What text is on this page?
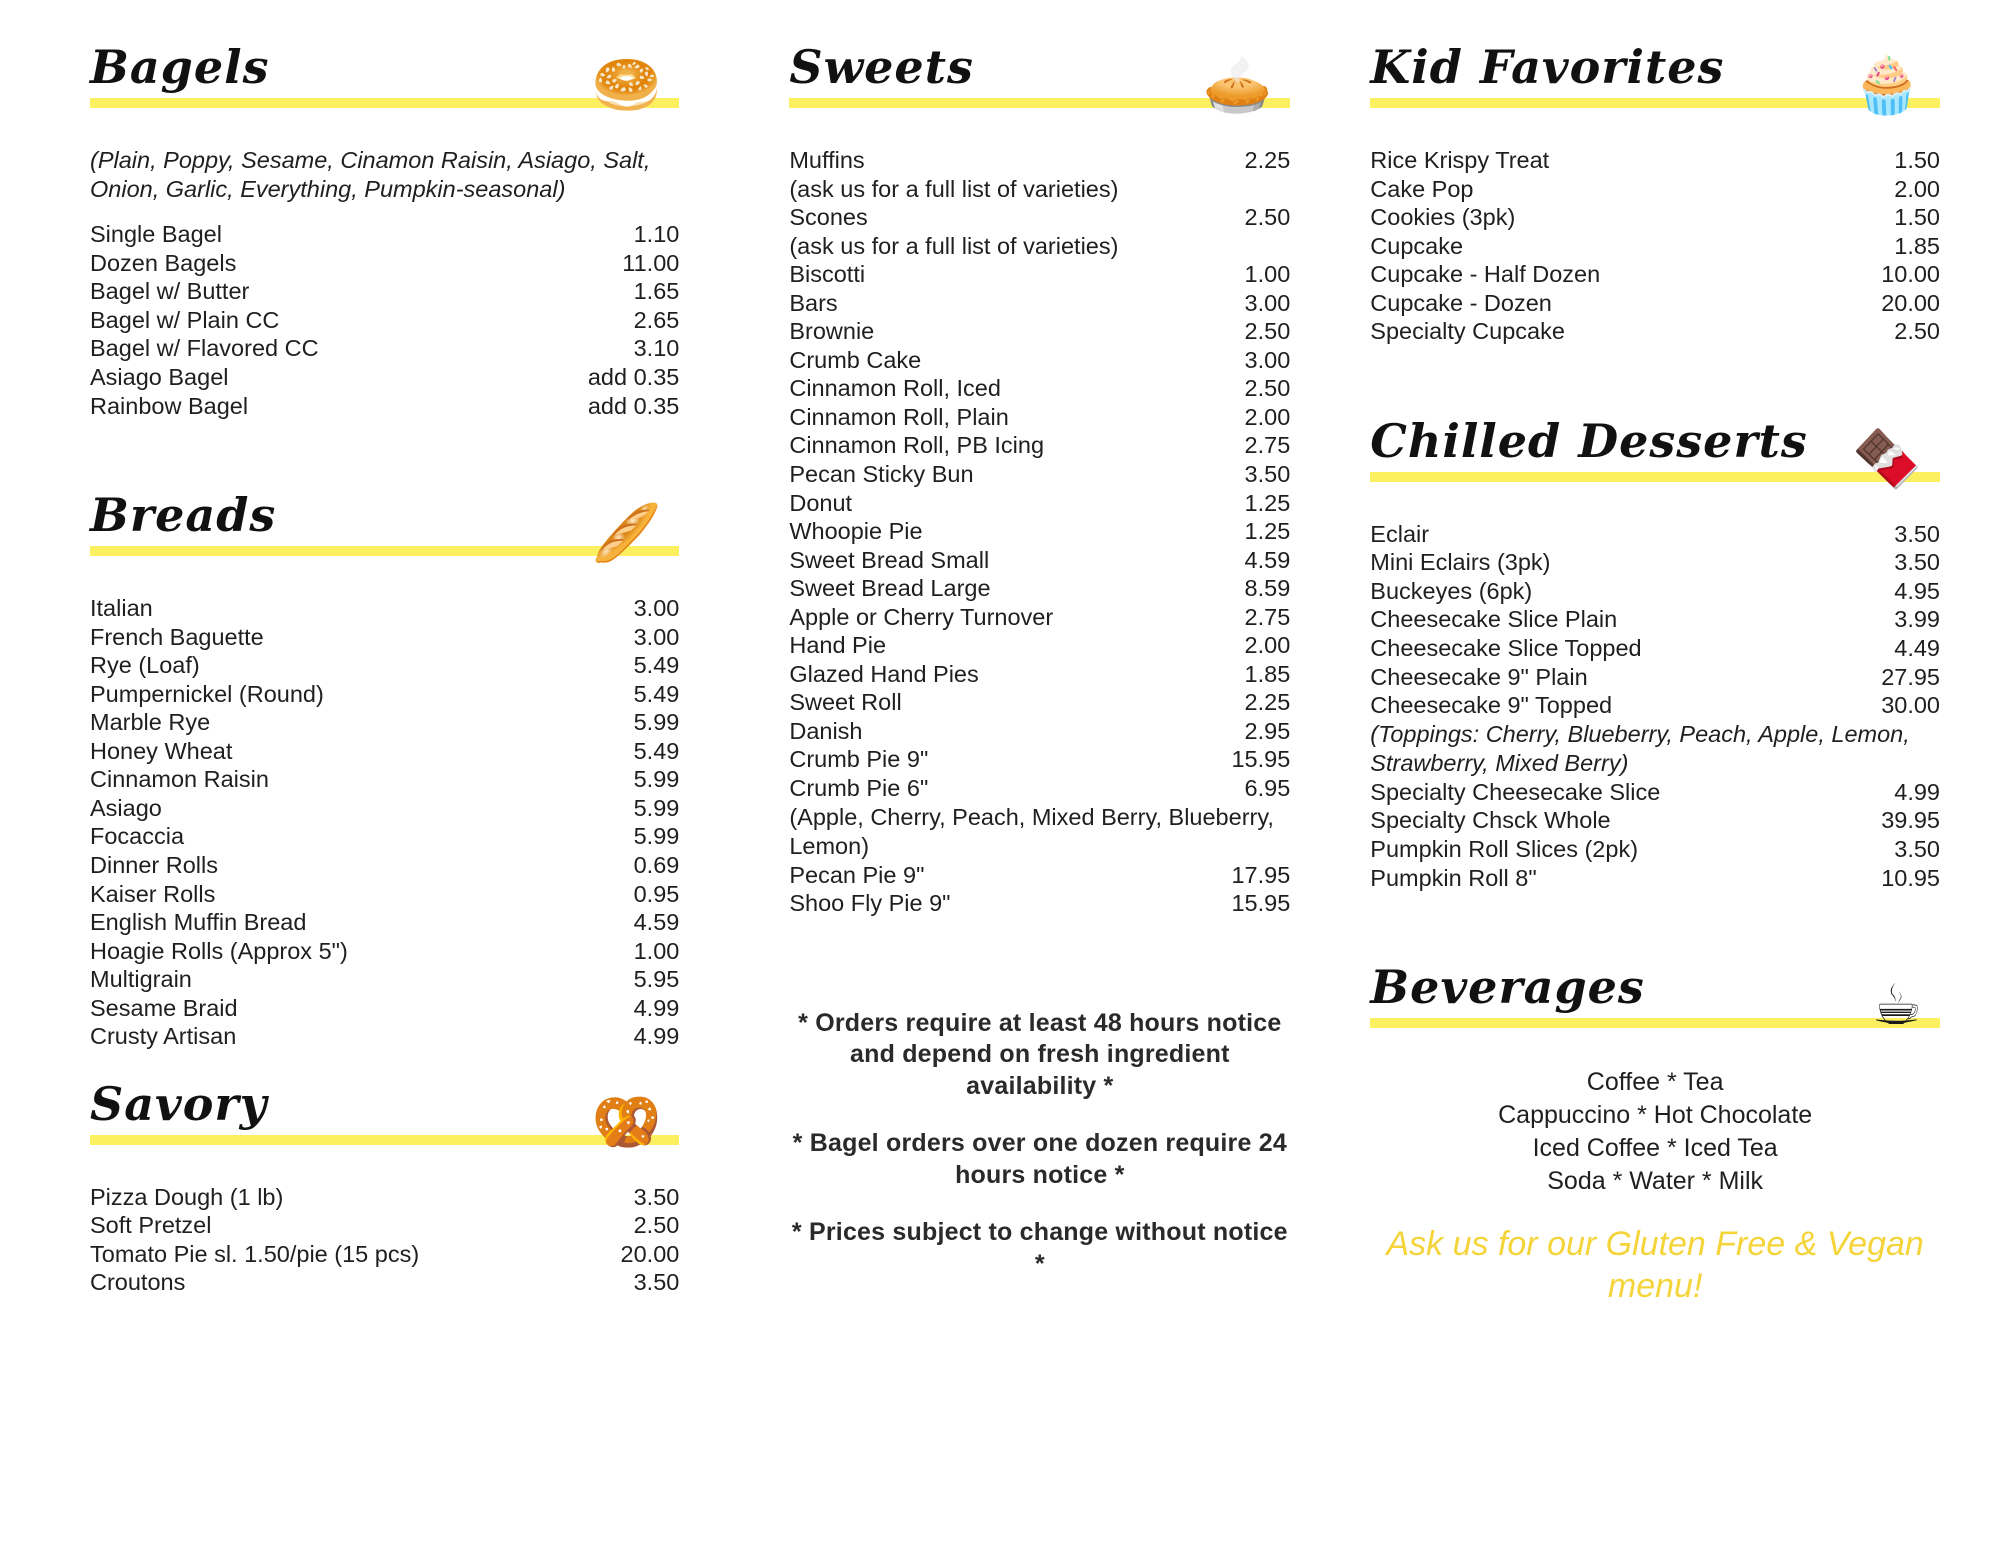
Bagels	🥯
(Plain, Poppy, Sesame, Cinamon Raisin, Asiago, Salt, Onion, Garlic, Everything, Pumpkin-seasonal)
Single Bagel	1.10
Dozen Bagels	11.00
Bagel w/ Butter	1.65
Bagel w/ Plain CC	2.65
Bagel w/ Flavored CC	3.10
Asiago Bagel	add 0.35
Rainbow Bagel	add 0.35
Breads	🥖
Italian	3.00
French Baguette	3.00
Rye (Loaf)	5.49
Pumpernickel (Round)	5.49
Marble Rye	5.99
Honey Wheat	5.49
Cinnamon Raisin	5.99
Asiago	5.99
Focaccia	5.99
Dinner Rolls	0.69
Kaiser Rolls	0.95
English Muffin Bread	4.59
Hoagie Rolls (Approx 5")	1.00
Multigrain	5.95
Sesame Braid	4.99
Crusty Artisan	4.99
Savory	🥨
Pizza Dough (1 lb)	3.50
Soft Pretzel	2.50
Tomato Pie sl. 1.50/pie (15 pcs)	20.00
Croutons	3.50
Sweets	🥧
Muffins	2.25
(ask us for a full list of varieties)
Scones	2.50
(ask us for a full list of varieties)
Biscotti	1.00
Bars	3.00
Brownie	2.50
Crumb Cake	3.00
Cinnamon Roll, Iced	2.50
Cinnamon Roll, Plain	2.00
Cinnamon Roll, PB Icing	2.75
Pecan Sticky Bun	3.50
Donut	1.25
Whoopie Pie	1.25
Sweet Bread Small	4.59
Sweet Bread Large	8.59
Apple or Cherry Turnover	2.75
Hand Pie	2.00
Glazed Hand Pies	1.85
Sweet Roll	2.25
Danish	2.95
Crumb Pie 9"	15.95
Crumb Pie 6"	6.95
(Apple, Cherry, Peach, Mixed Berry, Blueberry, Lemon)
Pecan Pie 9"	17.95
Shoo Fly Pie 9"	15.95

* Orders require at least 48 hours notice and depend on fresh ingredient availability *

* Bagel orders over one dozen require 24 hours notice *

* Prices subject to change without notice *

Kid Favorites 🧁
Rice Krispy Treat	1.50
Cake Pop	2.00
Cookies (3pk)	1.50
Cupcake	1.85
Cupcake - Half Dozen	10.00
Cupcake - Dozen	20.00
Specialty Cupcake	2.50
Chilled Desserts 🍫
Eclair	3.50
Mini Eclairs (3pk)	3.50
Buckeyes (6pk)	4.95
Cheesecake Slice Plain	3.99
Cheesecake Slice Topped	4.49
Cheesecake 9" Plain	27.95
Cheesecake 9" Topped	30.00
(Toppings: Cherry, Blueberry, Peach, Apple, Lemon, Strawberry, Mixed Berry)
Specialty Cheesecake Slice	4.99
Specialty Chsck Whole	39.95
Pumpkin Roll Slices (2pk)	3.50
Pumpkin Roll 8"	10.95
Beverages	☕
Coffee * Tea
Cappuccino * Hot Chocolate
Iced Coffee * Iced Tea
Soda * Water * Milk
Ask us for our Gluten Free & Vegan menu!
